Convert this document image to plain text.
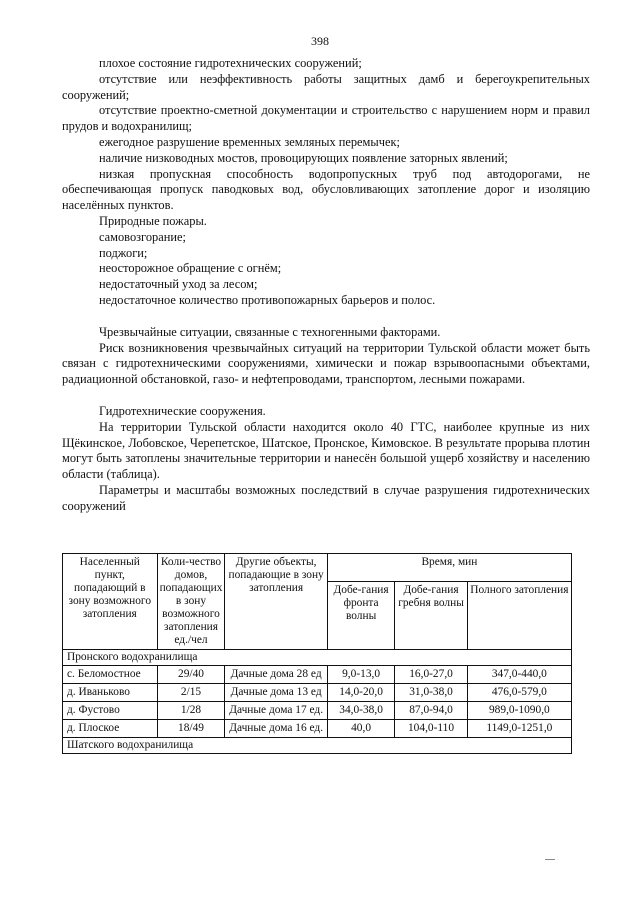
398

плохое состояние гидротехнических сооружений;

отсутствие или неэффективность работы защитных дамб и берегоукрепительных сооружений;

отсутствие проектно-сметной документации и строительство с нарушением норм и правил прудов и водохранилищ;

ежегодное разрушение временных земляных перемычек;

наличие низководных мостов, провоцирующих появление заторных явлений;

низкая пропускная способность водопропускных труб под автодорогами, не обеспечивающая пропуск паводковых вод, обусловливающих затопление дорог и изоляцию населённых пунктов.

Природные пожары.

самовозгорание;

поджоги;

неосторожное обращение с огнём;

недостаточный уход за лесом;

недостаточное количество противопожарных барьеров и полос.

Чрезвычайные ситуации, связанные с техногенными факторами.

Риск возникновения чрезвычайных ситуаций на территории Тульской области может быть связан с гидротехническими сооружениями, химически и пожар взрывоопасными объектами, радиационной обстановкой, газо- и нефтепроводами, транспортом, лесными пожарами.

Гидротехнические сооружения.

На территории Тульской области находится около 40 ГТС, наиболее крупные из них Щёкинское, Лобовское, Черепетское, Шатское, Пронское, Кимовское. В результате прорыва плотин могут быть затоплены значительные территории и нанесён большой ущерб хозяйству и населению области (таблица).

Параметры и масштабы возможных последствий в случае разрушения гидротехнических сооружений

Населенный пункт, попадающий в зону возможного затопления	Коли-чество домов, попадающих в зону возможного затопления ед./чел	Другие объекты, попадающие в зону затопления	Время, мин		
			Добе-гания фронта волны	Добе-гания гребня волны	Полного затопления
Пронского водохранилища					
с. Беломостное	29/40	Дачные дома 28 ед	9,0-13,0	16,0-27,0	347,0-440,0
д. Иваньково	2/15	Дачные дома 13 ед	14,0-20,0	31,0-38,0	476,0-579,0
д. Фустово	1/28	Дачные дома 17 ед.	34,0-38,0	87,0-94,0	989,0-1090,0
д. Плоское	18/49	Дачные дома 16 ед.	40,0	104,0-110	1149,0-1251,0
Шатского водохранилища					
